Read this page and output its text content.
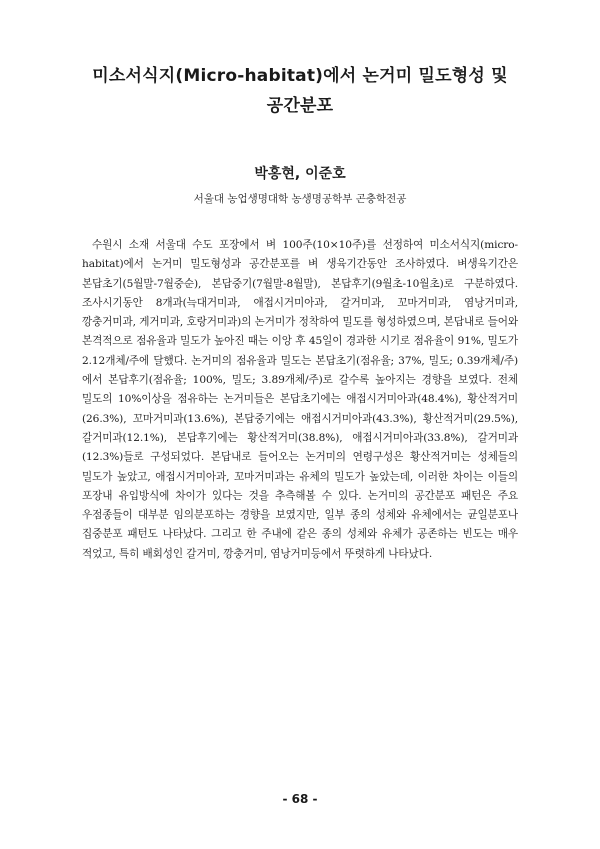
미소서식지(Micro-habitat)에서 논거미 밀도형성 및
공간분포

박홍현, 이준호

서울대 농업생명대학 농생명공학부 곤충학전공

수원시 소재 서울대 수도 포장에서 벼 100주(10×10주)를 선정하여 미소서식지(micro-habitat)에서 논거미 밀도형성과 공간분포를 벼 생육기간동안 조사하였다. 벼생육기간은 본답초기(5월말-7월중순), 본답중기(7월말-8월말), 본답후기(9월초-10월초)로 구분하였다. 조사시기동안 8개과(늑대거미과, 애접시거미아과, 갈거미과, 꼬마거미과, 염낭거미과, 깡충거미과, 게거미과, 호랑거미과)의 논거미가 정착하여 밀도를 형성하였으며, 본답내로 들어와 본격적으로 점유율과 밀도가 높아진 때는 이앙 후 45일이 경과한 시기로 점유율이 91%, 밀도가 2.12개체/주에 달했다. 논거미의 점유율과 밀도는 본답초기(점유율; 37%, 밀도; 0.39개체/주) 에서 본답후기(점유율; 100%, 밀도; 3.89개체/주)로 갈수록 높아지는 경향을 보였다. 전체 밀도의 10%이상을 점유하는 논거미들은 본답초기에는 애접시거미아과(48.4%), 황산적거미(26.3%), 꼬마거미과(13.6%), 본답중기에는 애접시거미아과(43.3%), 황산적거미(29.5%), 갈거미과(12.1%), 본답후기에는 황산적거미(38.8%), 애접시거미아과(33.8%), 갈거미과(12.3%)들로 구성되었다. 본답내로 들어오는 논거미의 연령구성은 황산적거미는 성체들의 밀도가 높았고, 애접시거미아과, 꼬마거미과는 유체의 밀도가 높았는데, 이러한 차이는 이들의 포장내 유입방식에 차이가 있다는 것을 추측해볼 수 있다. 논거미의 공간분포 패턴은 주요 우점종들이 대부분 임의분포하는 경향을 보였지만, 일부 종의 성체와 유체에서는 균일분포나 집중분포 패턴도 나타났다. 그리고 한 주내에 같은 종의 성체와 유체가 공존하는 빈도는 매우 적었고, 특히 배회성인 갈거미, 깡충거미, 염낭거미등에서 뚜렷하게 나타났다.

- 68 -
